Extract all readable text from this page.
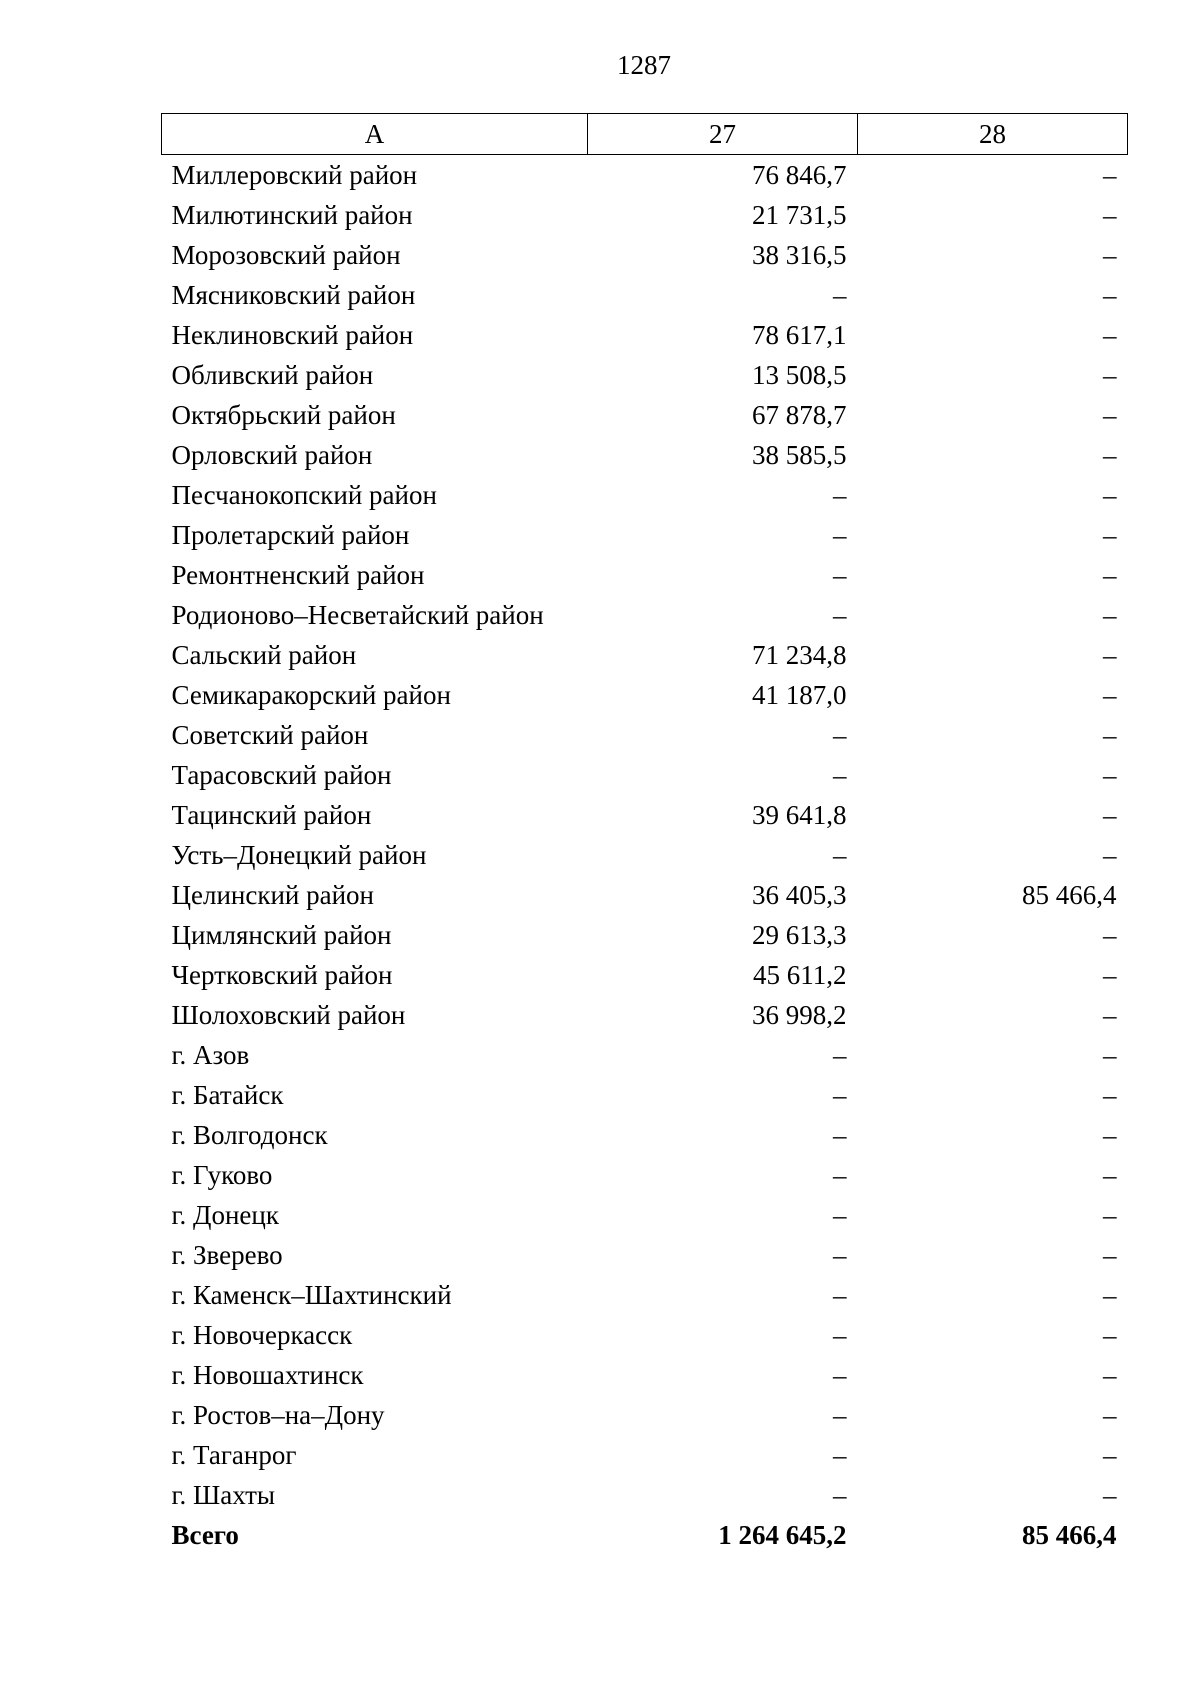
1287
А	27	28
Миллеровский район	76 846,7	–
Милютинский район	21 731,5	–
Морозовский район	38 316,5	–
Мясниковский район	–	–
Неклиновский район	78 617,1	–
Обливский район	13 508,5	–
Октябрьский район	67 878,7	–
Орловский район	38 585,5	–
Песчанокопский район	–	–
Пролетарский район	–	–
Ремонтненский район	–	–
Родионово–Несветайский район	–	–
Сальский район	71 234,8	–
Семикаракорский район	41 187,0	–
Советский район	–	–
Тарасовский район	–	–
Тацинский район	39 641,8	–
Усть–Донецкий район	–	–
Целинский район	36 405,3	85 466,4
Цимлянский район	29 613,3	–
Чертковский район	45 611,2	–
Шолоховский район	36 998,2	–
г. Азов	–	–
г. Батайск	–	–
г. Волгодонск	–	–
г. Гуково	–	–
г. Донецк	–	–
г. Зверево	–	–
г. Каменск–Шахтинский	–	–
г. Новочеркасск	–	–
г. Новошахтинск	–	–
г. Ростов–на–Дону	–	–
г. Таганрог	–	–
г. Шахты	–	–
Всего	1 264 645,2	85 466,4
